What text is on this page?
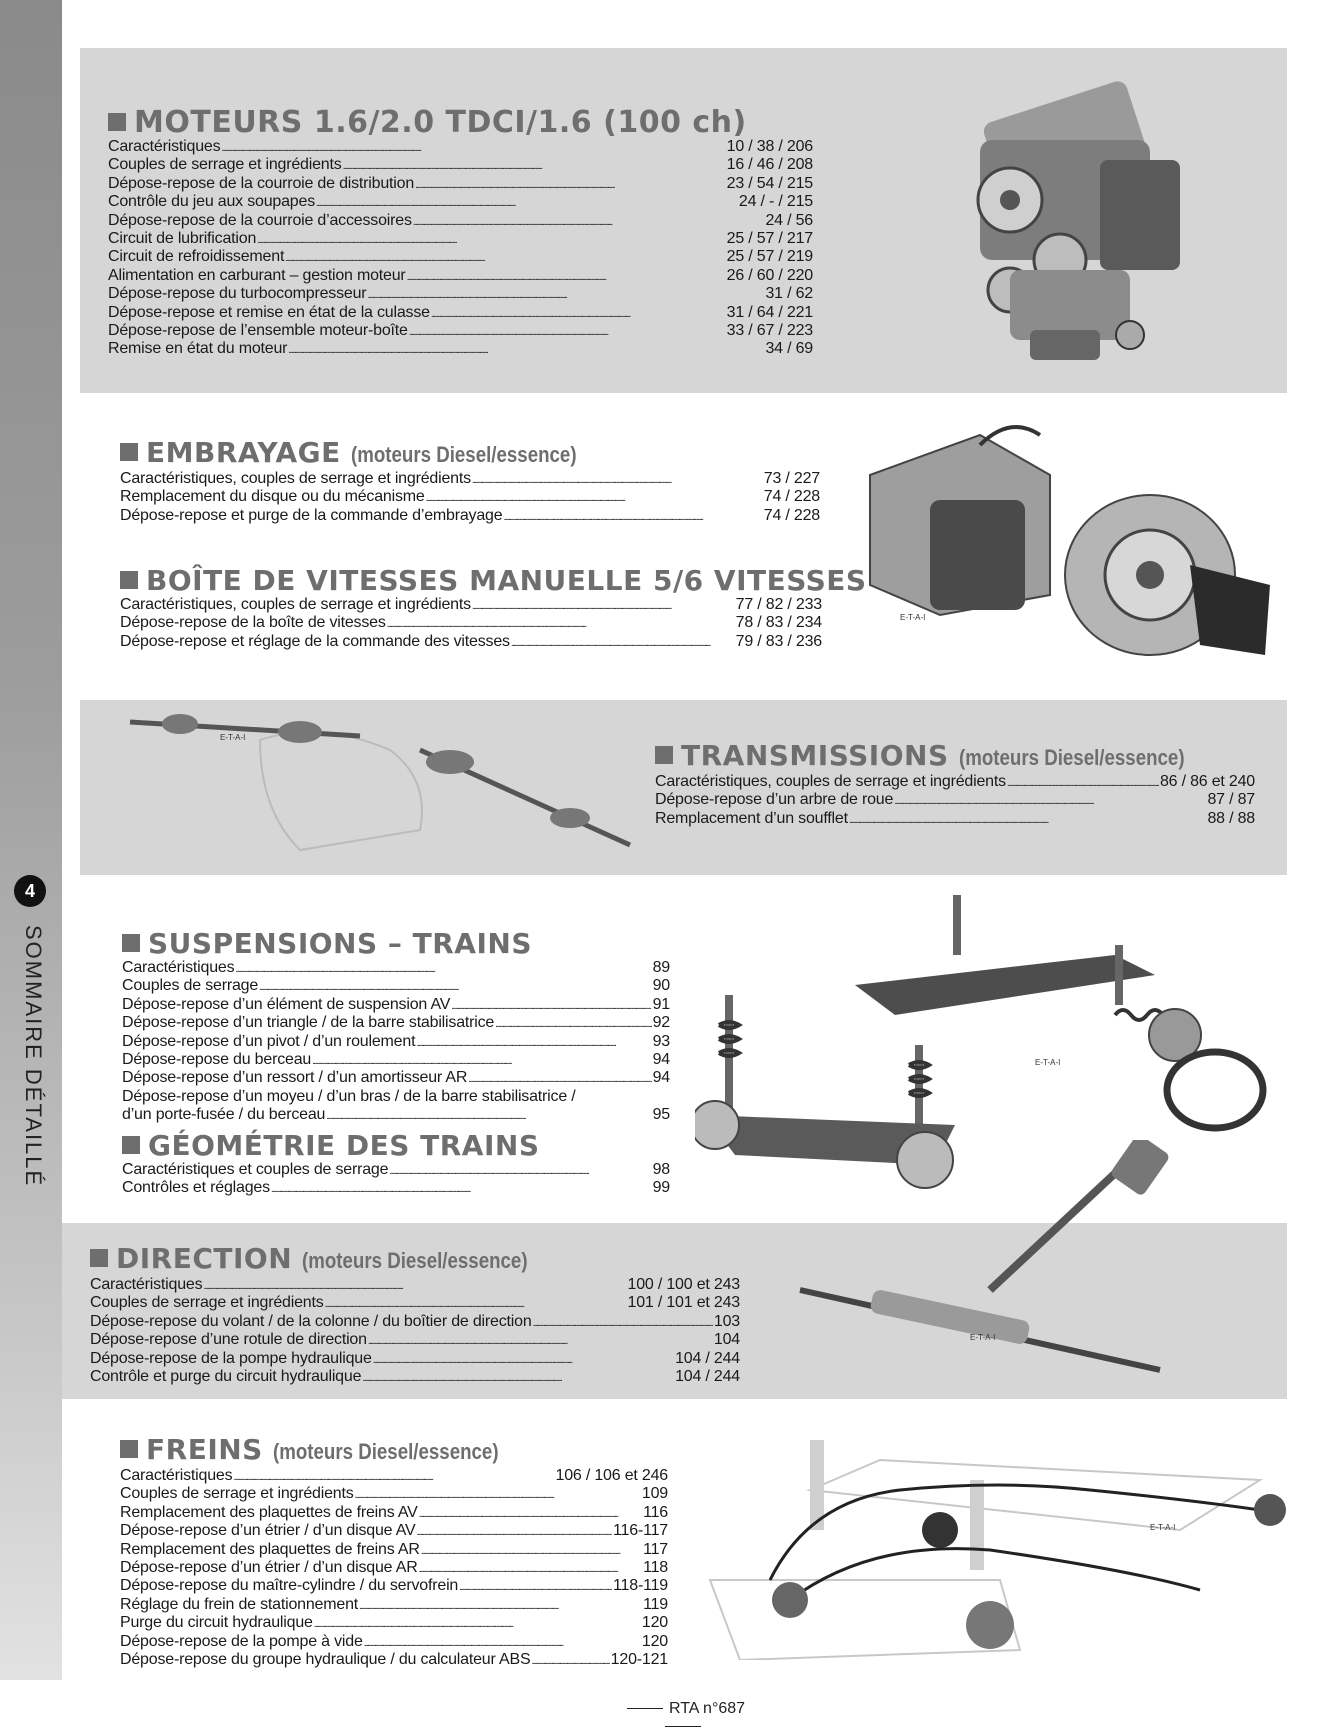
4
SOMMAIRE DÉTAILLÉ
MOTEURS 1.6/2.0 TDCI/1.6 (100 ch)
Caractéristiques . . .	10 / 38 / 206
Couples de serrage et ingrédients . . .	16 / 46 / 208
Dépose-repose de la courroie de distribution . . .	23 / 54 / 215
Contrôle du jeu aux soupapes . . .	24 / - / 215
Dépose-repose de la courroie d’accessoires . . .	24 / 56
Circuit de lubrification . . .	25 / 57 / 217
Circuit de refroidissement . . .	25 / 57 / 219
Alimentation en carburant – gestion moteur . . .	26 / 60 / 220
Dépose-repose du turbocompresseur . . .	31 / 62
Dépose-repose et remise en état de la culasse . . .	31 / 64 / 221
Dépose-repose de l’ensemble moteur-boîte . . .	33 / 67 / 223
Remise en état du moteur . . .	34 / 69
EMBRAYAGE (moteurs Diesel/essence)
Caractéristiques, couples de serrage et ingrédients . . .	73 / 227
Remplacement du disque ou du mécanisme . . .	74 / 228
Dépose-repose et purge de la commande d’embrayage . . .	74 / 228
BOÎTE DE VITESSES MANUELLE 5/6 VITESSES
Caractéristiques, couples de serrage et ingrédients . . .	77 / 82 / 233
Dépose-repose de la boîte de vitesses . . .	78 / 83 / 234
Dépose-repose et réglage de la commande des vitesses . . .	79 / 83 / 236
E-T-A-I
E-T-A-I
TRANSMISSIONS (moteurs Diesel/essence)
Caractéristiques, couples de serrage et ingrédients . . .	86 / 86 et 240
Dépose-repose d’un arbre de roue . . .	87 / 87
Remplacement d’un soufflet . . .	88 / 88
SUSPENSIONS – TRAINS
Caractéristiques . . .	89
Couples de serrage . . .	90
Dépose-repose d’un élément de suspension AV . . .	91
Dépose-repose d’un triangle / de la barre stabilisatrice . . .	92
Dépose-repose d’un pivot / d’un roulement . . .	93
Dépose-repose du berceau . . .	94
Dépose-repose d’un ressort / d’un amortisseur AR . . .	94
Dépose-repose d’un moyeu / d’un bras / de la barre stabilisatrice /
d’un porte-fusée / du berceau . . .	95
GÉOMÉTRIE DES TRAINS
Caractéristiques et couples de serrage . . .	98
Contrôles et réglages . . .	99
E-T-A-I
DIRECTION (moteurs Diesel/essence)
Caractéristiques . . .	100 / 100 et 243
Couples de serrage et ingrédients . . .	101 / 101 et 243
Dépose-repose du volant / de la colonne / du boîtier de direction . . .	103
Dépose-repose d’une rotule de direction . . .	104
Dépose-repose de la pompe hydraulique . . .	104 / 244
Contrôle et purge du circuit hydraulique . . .	104 / 244
E-T-A-I
FREINS (moteurs Diesel/essence)
Caractéristiques . . .	106 / 106 et 246
Couples de serrage et ingrédients . . .	109
Remplacement des plaquettes de freins AV . . .	116
Dépose-repose d’un étrier / d’un disque AV . . .	116-117
Remplacement des plaquettes de freins AR . . .	117
Dépose-repose d’un étrier / d’un disque AR . . .	118
Dépose-repose du maître-cylindre / du servofrein . . .	118-119
Réglage du frein de stationnement . . .	119
Purge du circuit hydraulique . . .	120
Dépose-repose de la pompe à vide . . .	120
Dépose-repose du groupe hydraulique / du calculateur ABS . . .	120-121
E-T-A-I
RTA n°687
